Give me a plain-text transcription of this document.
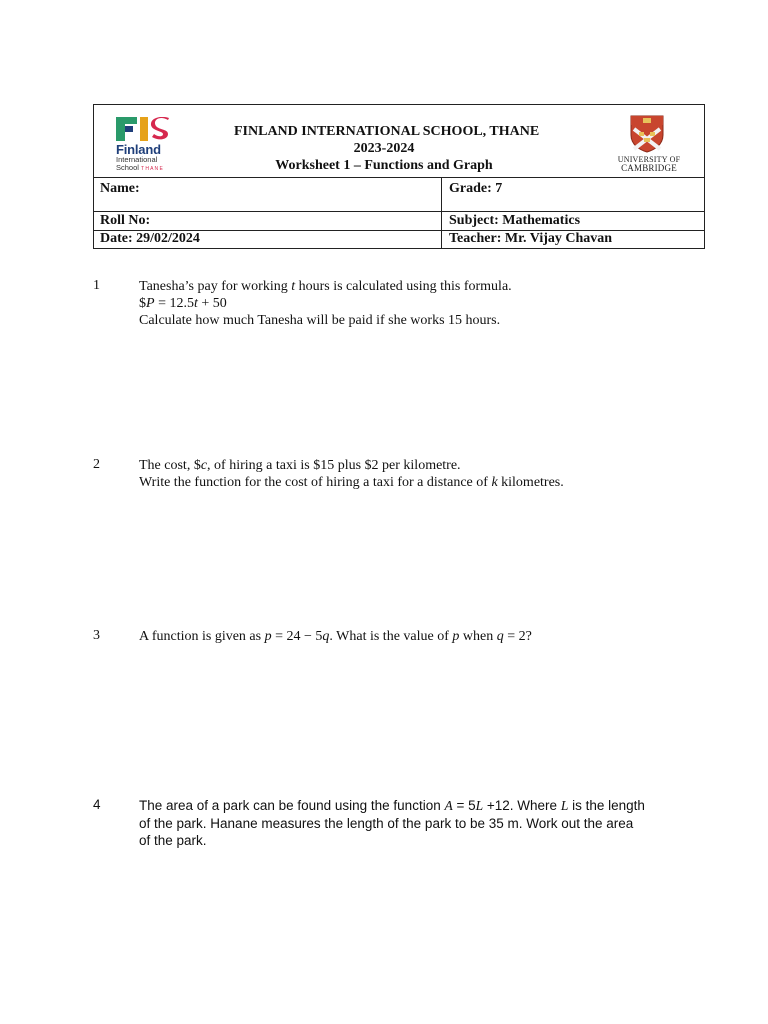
Finland
International
School T H A N E
FINLAND INTERNATIONAL SCHOOL, THANE
2023-2024
Worksheet 1 – Functions and Graph	UNIVERSITY OF
CAMBRIDGE
Name:	Grade: 7
Roll No:	Subject: Mathematics
Date: 29/02/2024	Teacher: Mr. Vijay Chavan
1	Tanesha’s pay for working t hours is calculated using this formula.
$P = 12.5t + 50
Calculate how much Tanesha will be paid if she works 15 hours.
2	The cost, $c, of hiring a taxi is $15 plus $2 per kilometre.
Write the function for the cost of hiring a taxi for a distance of k kilometres.
3	A function is given as p = 24 − 5q. What is the value of p when q = 2?
4	The area of a park can be found using the function A = 5L +12. Where L is the length
of the park. Hanane measures the length of the park to be 35 m. Work out the area
of the park.
